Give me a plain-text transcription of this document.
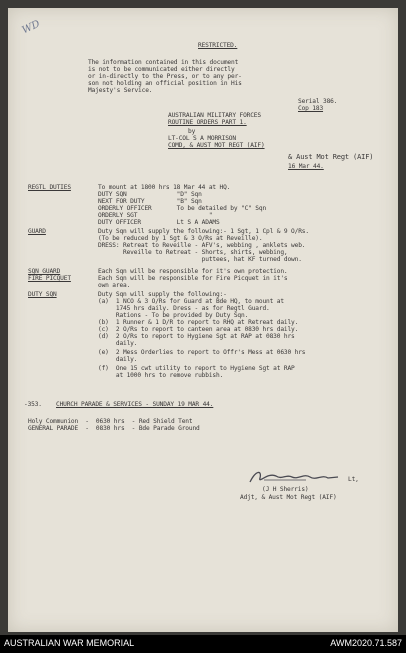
WD
RESTRICTED.
The information contained in this document
is not to be communicated either directly
or in-directly to the Press, or to any per-
son not holding an official position in His
Majesty's Service.
Serial 386.
Cop 183
AUSTRALIAN MILITARY FORCES
ROUTINE ORDERS PART 1.
by
LT-COL S A MORRISON
COMD, & AUST MOT REGT (AIF)
& Aust Mot Regt (AIF)
16 Mar 44.
REGTL DUTIES	To mount at 1800 hrs 18 Mar 44 at HQ.
DUTY SQN              "D" Sqn
NEXT FOR DUTY         "B" Sqn
ORDERLY OFFICER       To be detailed by "C" Sqn
ORDERLY SGT                    "
DUTY OFFICER          Lt S A ADAMS
GUARD	Duty Sqn will supply the following:- 1 Sgt, 1 Cpl & 9 O/Rs.
(To be reduced by 1 Sgt & 3 O/Rs at Reveille).
DRESS: Retreat to Reveille - AFV's, webbing , anklets web.
Reveille to Retreat - Shorts, shirts, webbing,
puttees, hat KF turned down.
SQN GUARD	Each Sqn will be responsible for it's own protection.
FIRE PICQUET	Each Sqn will be responsible for Fire Picquet in it's
own area.
DUTY SQN	Duty Sqn will supply the following:-
(a)  1 NCO & 3 O/Rs for Guard at Bde HQ, to mount at
1745 hrs daily. Dress - as for Regtl Guard.
Rations - To be provided by Duty Sqn.
(b)  1 Runner & 1 D/R to report to RHQ at Retreat daily.
(c)  2 O/Rs to report to canteen area at 0830 hrs daily.
(d)  2 O/Rs to report to Hygiene Sgt at RAP at 0830 hrs
daily.
(e)  2 Mess Orderlies to report to Offr's Mess at 0630 hrs
daily.
(f)  One 15 cwt utility to report to Hygiene Sgt at RAP
at 1000 hrs to remove rubbish.
-353. CHURCH PARADE & SERVICES - SUNDAY 19 MAR 44.
Holy Communion  -  0630 hrs  - Red Shield Tent
GENERAL PARADE  -  0830 hrs  - Bde Parade Ground
Lt,
(J H Sherris)
Adjt, & Aust Mot Regt (AIF)
AUSTRALIAN WAR MEMORIAL	AWM2020.71.587
